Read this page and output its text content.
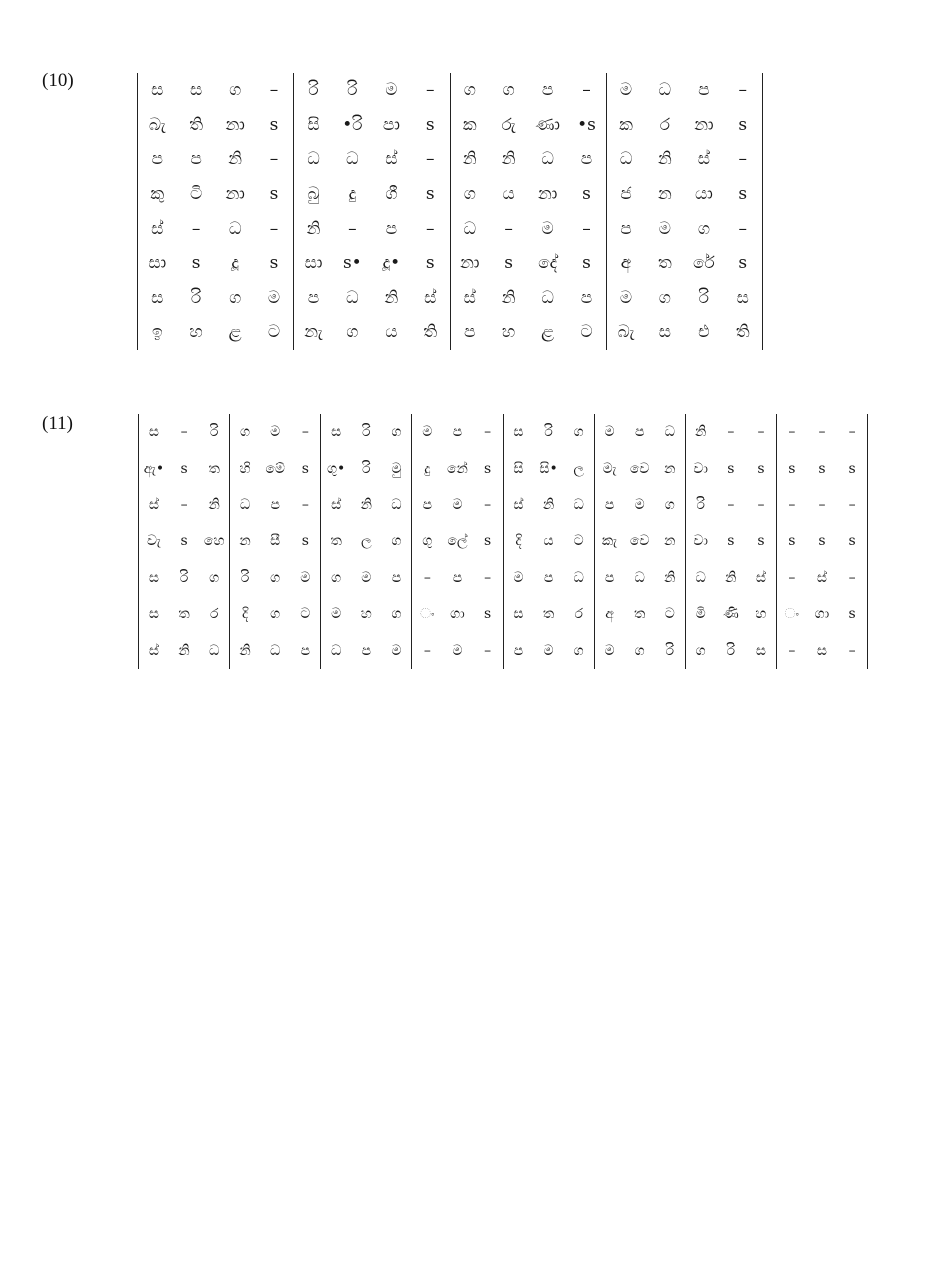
(10)	ස	ස	ග	–	රි	රි	ම	–	ග	ග	ප	–	ම	ධ	ප	–
බැ	ති	නා	s	සි	•රි	පා	s	ක	රු	ණා	•s	ක	ර	නා	s
ප	ප	නි	–	ධ	ධ	ස්	–	නි	නි	ධ	ප	ධ	නි	ස්	–
කු	ටි	නා	s	බු	දු	ගී	s	ග	ය	නා	s	ජ	න	යා	s
ස්	–	ධ	–	නි	–	ප	–	ධ	–	ම	–	ප	ම	ග	–
සා	s	දූ	s	සා	s•	දූ•	s	නා	s	දේ	s	අ	ත	රේ	s
ස	රි	ග	ම	ප	ධ	නි	ස්	ස්	නි	ධ	ප	ම	ග	රි	ස
ඉ	හ	ළ	ට	නැ	ග	ය	ති	ප	හ	ළ	ට	බැ	ස	එ	ති
(11)	ස	–	රි	ග	ම	–	ස	රි	ග	ම	ප	–	ස	රි	ග	ම	ප	ධ	නි	–	–	–	–	–
ඇ•	s	ත	හි	මේ	s	ගු•	රි	මු	දු	නේ	s	සි	සි•	ල	මැ	වෙ	න	වා	s	s	s	s	s
ස්	–	නි	ධ	ප	–	ස්	නි	ධ	ප	ම	–	ස්	නි	ධ	ප	ම	ග	රි	–	–	–	–	–
වැ	s	හෙ	න	සී	s	ත	ල	ග	ගු	ලේ	s	දි	ය	ට	කැ	වෙ	න	වා	s	s	s	s	s
ස	රි	ග	රි	ග	ම	ග	ම	ප	–	ප	–	ම	ප	ධ	ප	ධ	නි	ධ	නි	ස්	–	ස්	–
ස	ත	ර	දි	ග	ට	ම	හ	ග	ං	ගා	s	ස	ත	ර	අ	ත	ට	මි	ණි	හ	ං	ගා	s
ස්	නි	ධ	නි	ධ	ප	ධ	ප	ම	–	ම	–	ප	ම	ග	ම	ග	රි	ග	රි	ස	–	ස	–
